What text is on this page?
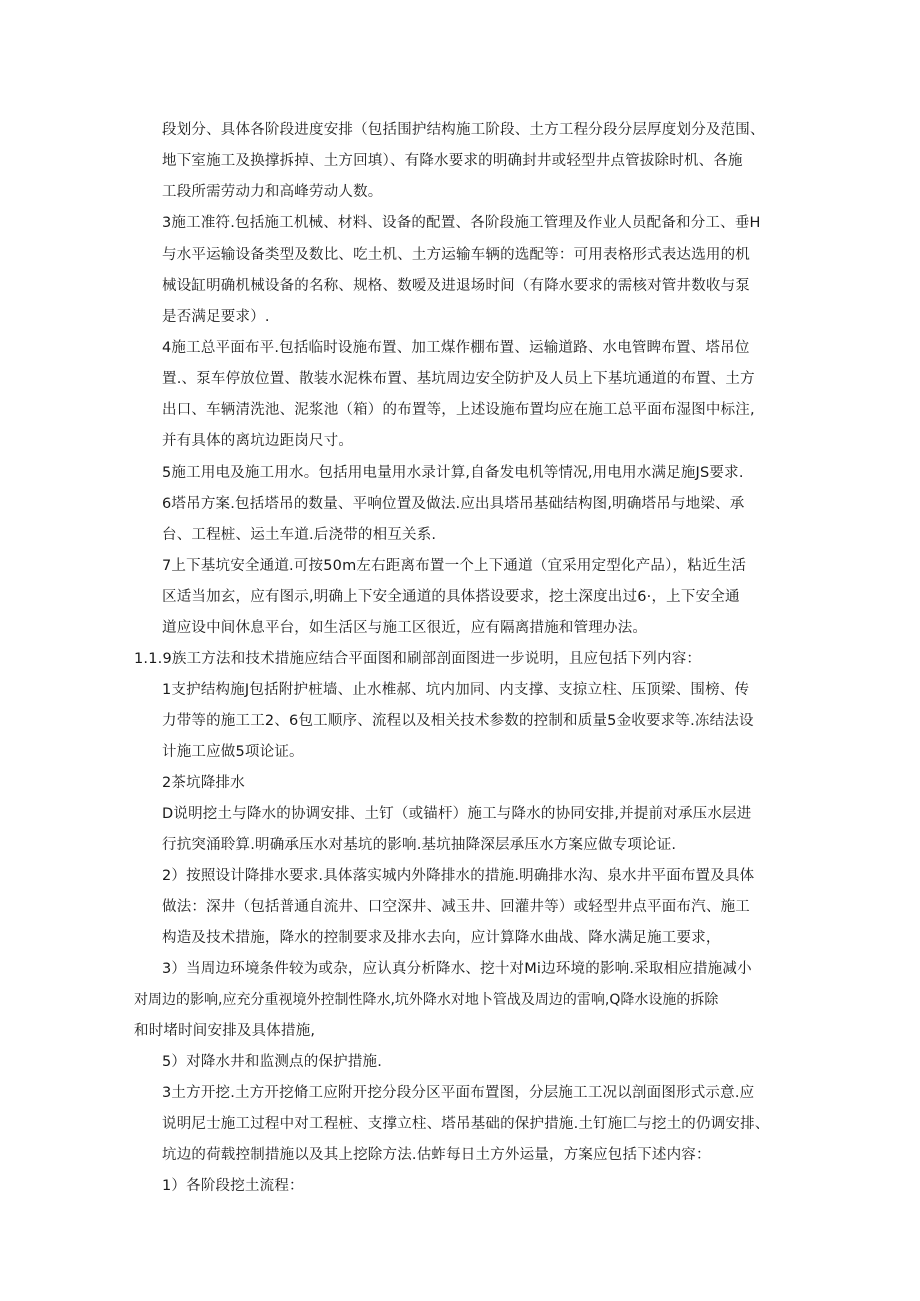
段划分、具体各阶段进度安排（包括围护结构施工阶段、土方工程分段分层厚度划分及范围、

地下室施工及换撑拆掉、土方回填）、有降水要求的明确封井或轻型井点管拔除时机、各施

工段所需劳动力和高峰劳动人数。

3施工准符.包括施工机械、材料、设备的配置、各阶段施工管理及作业人员配备和分工、垂H

与水平运输设备类型及数比、吃土机、土方运输车辆的选配等：可用表格形式表达选用的机

械设缸明确机械设备的名称、规格、数嗳及进退场时间（有降水要求的需核对管井数收与泵

是否满足要求）.

4施工总平面布平.包括临时设施布置、加工煤作棚布置、运输道路、水电管睥布置、塔吊位

置.、泵车停放位置、散装水泥株布置、基坑周边安全防护及人员上下基坑通道的布置、土方

出口、车辆清洗池、泥浆池（箱）的布置等，上述设施布置均应在施工总平面布湿图中标注,

并有具体的离坑边距岗尺寸。

5施工用电及施工用水。包括用电量用水录计算,自备发电机等情况,用电用水满足施JS要求.

6塔吊方案.包括塔吊的数量、平响位置及做法.应出具塔吊基础结构图,明确塔吊与地梁、承

台、工程桩、运土车道.后浇带的相互关系.

7上下基坑安全通道.可按50m左右距离布置一个上下通道（宜采用定型化产品），粘近生活

区适当加玄，应有图示,明确上下安全通道的具体搭设要求，挖土深度出过6·，上下安全通

道应设中间休息平台，如生活区与施工区很近，应有隔离措施和管理办法。

1.1.9族工方法和技术措施应结合平面图和刷部剖面图进一步说明，且应包括下列内容：

1支护结构施J包括附护桩墙、止水椎郝、坑内加同、内支撑、支掠立柱、压顶梁、围榜、传

力带等的施工工2、6包工顺序、流程以及相关技术参数的控制和质量5金收要求等.冻结法设

计施工应做5项论证。

2茶坑降排水

D说明挖土与降水的协调安排、土钉（或锚杆）施工与降水的协同安排,并提前对承压水层进

行抗突涌聆算.明确承压水对基坑的影响.基坑抽降深层承压水方案应做专项论证.

2）按照设计降排水要求.具体落实城内外降排水的措施.明确排水沟、泉水井平面布置及具体

做法：深井（包括普通自流井、口空深井、减玉井、回灌井等）或轻型井点平面布汽、施工

构造及技术措施，降水的控制要求及排水去向，应计算降水曲战、降水满足施工要求，

3）当周边环境条件较为或杂，应认真分析降水、挖十对Mi边环境的影响.采取相应措施减小

对周边的影响,应充分重视境外控制性降水,坑外降水对地卜管战及周边的雷响,Q降水设施的拆除

和时堵时间安排及具体措施,

5）对降水井和监测点的保护措施.

3土方开挖.土方开挖脩工应附开挖分段分区平面布置图，分层施工工况以剖面图形式示意.应

说明尼士施工过程中对工程桩、支撑立柱、塔吊基础的保护措施.土钉施匚与挖土的仍调安排、

坑边的荷载控制措施以及其上挖除方法.估蚱每日土方外运量，方案应包括下述内容：

1）各阶段挖土流程：
